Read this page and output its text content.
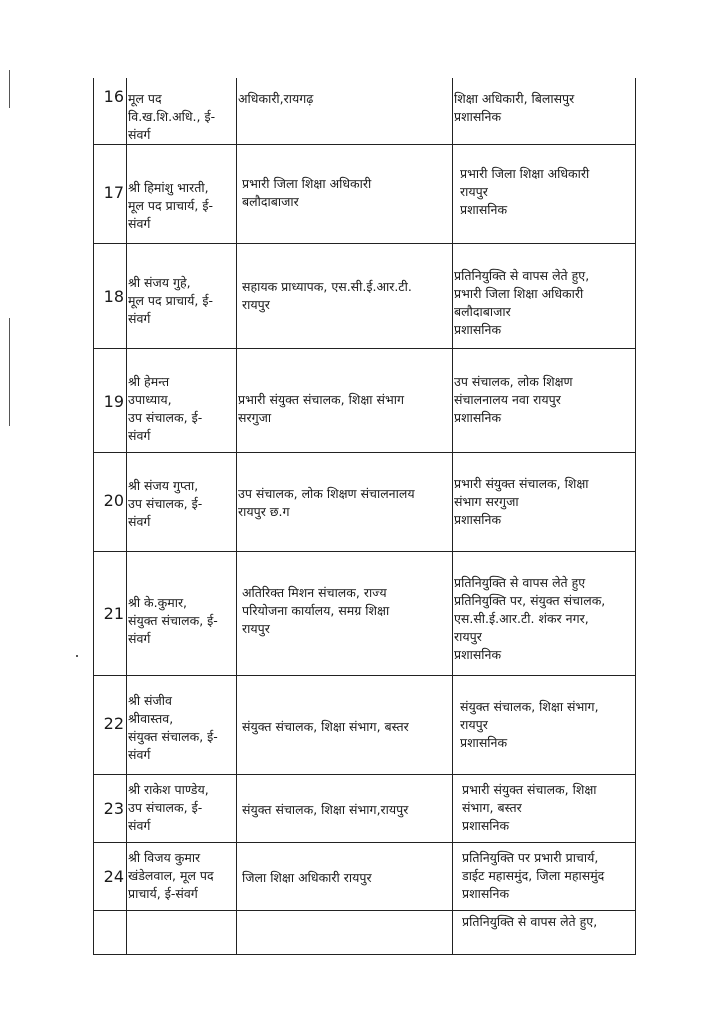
16 मूल पद
वि.ख.शि.अधि., ई-
संवर्ग
अधिकारी,रायगढ़	शिक्षा अधिकारी, बिलासपुर
प्रशासनिक
17 श्री हिमांशु भारती,
मूल पद प्राचार्य, ई-
संवर्ग
प्रभारी जिला शिक्षा अधिकारी
बलौदाबाजार
प्रभारी जिला शिक्षा अधिकारी
रायपुर
प्रशासनिक
18
श्री संजय गुहे,
मूल पद प्राचार्य, ई-
संवर्ग
सहायक प्राध्यापक, एस.सी.ई.आर.टी.
रायपुर
प्रतिनियुक्ति से वापस लेते हुए,
प्रभारी जिला शिक्षा अधिकारी
बलौदाबाजार
प्रशासनिक
19
श्री हेमन्त
उपाध्याय,
उप संचालक, ई-
संवर्ग
प्रभारी संयुक्त संचालक, शिक्षा संभाग
सरगुजा
उप संचालक, लोक शिक्षण
संचालनालय नवा रायपुर
प्रशासनिक
20
श्री संजय गुप्ता,
उप संचालक, ई-
संवर्ग
उप संचालक, लोक शिक्षण संचालनालय
रायपुर छ.ग
प्रभारी संयुक्त संचालक, शिक्षा
संभाग सरगुजा
प्रशासनिक
21
श्री के.कुमार,
संयुक्त संचालक, ई-
संवर्ग
अतिरिक्त मिशन संचालक, राज्य
परियोजना कार्यालय, समग्र शिक्षा
रायपुर
प्रतिनियुक्ति से वापस लेते हुए
प्रतिनियुक्ति पर, संयुक्त संचालक,
एस.सी.ई.आर.टी. शंकर नगर,
रायपुर
प्रशासनिक
22
श्री संजीव
श्रीवास्तव,
संयुक्त संचालक, ई-
संवर्ग
संयुक्त संचालक, शिक्षा संभाग, बस्तर
संयुक्त संचालक, शिक्षा संभाग,
रायपुर
प्रशासनिक
23
श्री राकेश पाण्डेय,
उप संचालक, ई-
संवर्ग
संयुक्त संचालक, शिक्षा संभाग,रायपुर
प्रभारी संयुक्त संचालक, शिक्षा
संभाग, बस्तर
प्रशासनिक
24
श्री विजय कुमार
खंडेलवाल, मूल पद
प्राचार्य, ई-संवर्ग
जिला शिक्षा अधिकारी रायपुर
प्रतिनियुक्ति पर प्रभारी प्राचार्य,
डाईट महासमुंद, जिला महासमुंद
प्रशासनिक
प्रतिनियुक्ति से वापस लेते हुए,
